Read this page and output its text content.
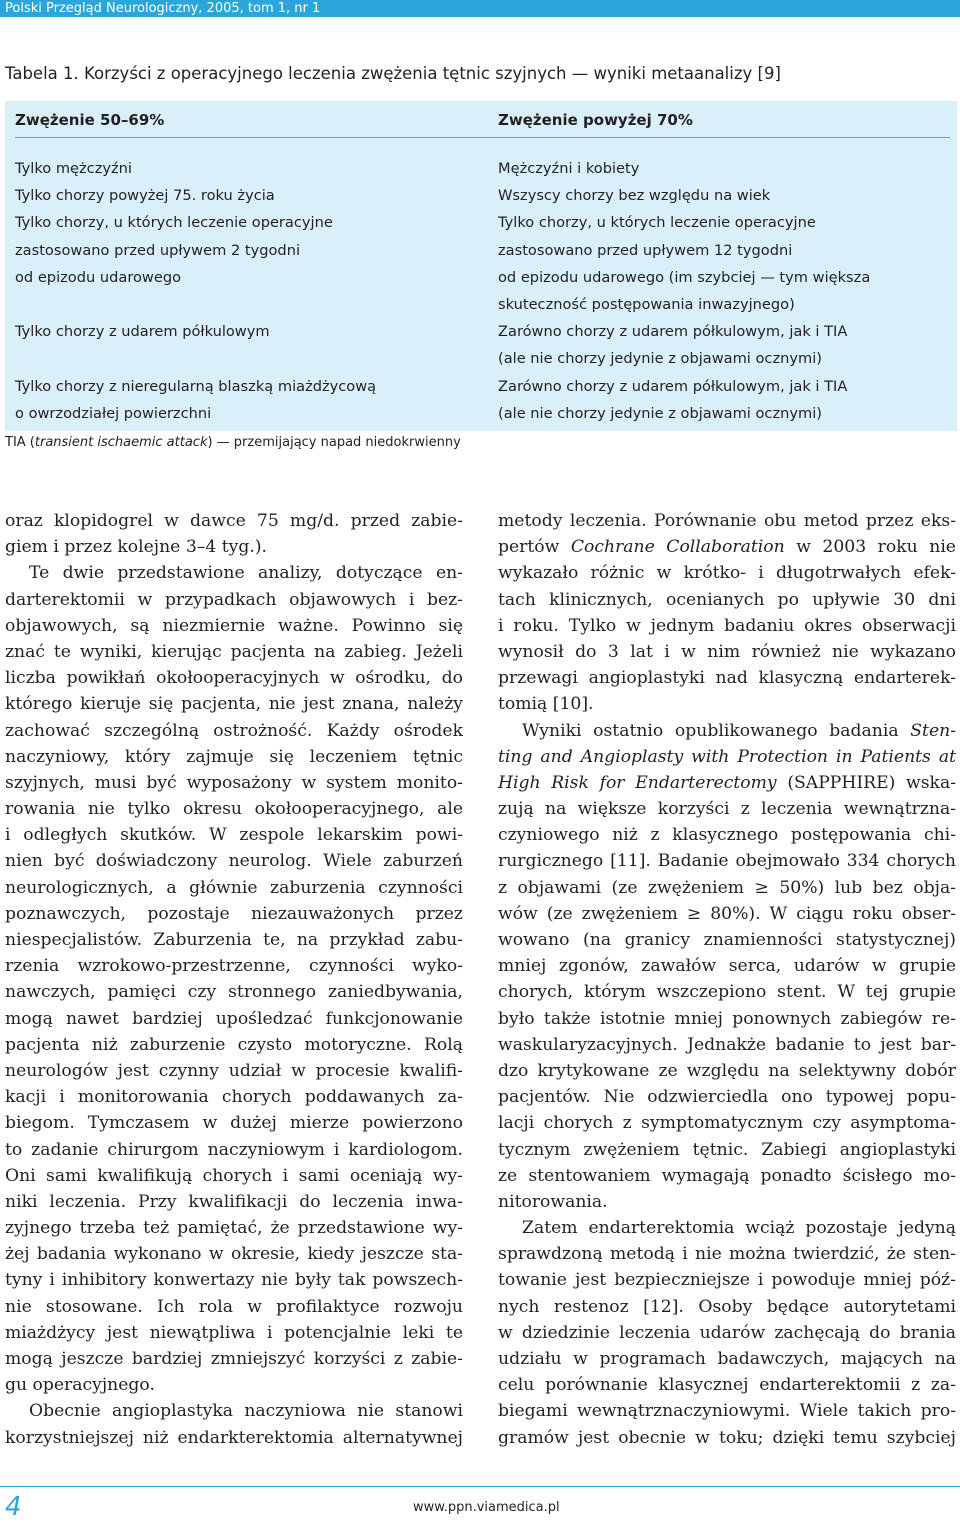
Polski Przegląd Neurologiczny, 2005, tom 1, nr 1
Tabela 1. Korzyści z operacyjnego leczenia zwężenia tętnic szyjnych — wyniki metaanalizy [9]
Zwężenie 50–69%	Zwężenie powyżej 70%
Tylko mężczyźni
Tylko chorzy powyżej 75. roku życia
Tylko chorzy, u których leczenie operacyjne
zastosowano przed upływem 2 tygodni
od epizodu udarowego
Tylko chorzy z udarem półkulowym
Tylko chorzy z nieregularną blaszką miażdżycową
o owrzodziałej powierzchni
Mężczyźni i kobiety
Wszyscy chorzy bez względu na wiek
Tylko chorzy, u których leczenie operacyjne
zastosowano przed upływem 12 tygodni
od epizodu udarowego (im szybciej — tym większa
skuteczność postępowania inwazyjnego)
Zarówno chorzy z udarem półkulowym, jak i TIA
(ale nie chorzy jedynie z objawami ocznymi)
Zarówno chorzy z udarem półkulowym, jak i TIA
(ale nie chorzy jedynie z objawami ocznymi)
TIA (transient ischaemic attack) — przemijający napad niedokrwienny
oraz klopidogrel w dawce 75 mg/d. przed zabie-
giem i przez kolejne 3–4 tyg.).
Te dwie przedstawione analizy, dotyczące en-
darterektomii w przypadkach objawowych i bez-
objawowych, są niezmiernie ważne. Powinno się
znać te wyniki, kierując pacjenta na zabieg. Jeżeli
liczba powikłań okołooperacyjnych w ośrodku, do
którego kieruje się pacjenta, nie jest znana, należy
zachować szczególną ostrożność. Każdy ośrodek
naczyniowy, który zajmuje się leczeniem tętnic
szyjnych, musi być wyposażony w system monito-
rowania nie tylko okresu okołooperacyjnego, ale
i odległych skutków. W zespole lekarskim powi-
nien być doświadczony neurolog. Wiele zaburzeń
neurologicznych, a głównie zaburzenia czynności
poznawczych, pozostaje niezauważonych przez
niespecjalistów. Zaburzenia te, na przykład zabu-
rzenia wzrokowo-przestrzenne, czynności wyko-
nawczych, pamięci czy stronnego zaniedbywania,
mogą nawet bardziej upośledzać funkcjonowanie
pacjenta niż zaburzenie czysto motoryczne. Rolą
neurologów jest czynny udział w procesie kwalifi-
kacji i monitorowania chorych poddawanych za-
biegom. Tymczasem w dużej mierze powierzono
to zadanie chirurgom naczyniowym i kardiologom.
Oni sami kwalifikują chorych i sami oceniają wy-
niki leczenia. Przy kwalifikacji do leczenia inwa-
zyjnego trzeba też pamiętać, że przedstawione wy-
żej badania wykonano w okresie, kiedy jeszcze sta-
tyny i inhibitory konwertazy nie były tak powszech-
nie stosowane. Ich rola w profilaktyce rozwoju
miażdżycy jest niewątpliwa i potencjalnie leki te
mogą jeszcze bardziej zmniejszyć korzyści z zabie-
gu operacyjnego.
Obecnie angioplastyka naczyniowa nie stanowi
korzystniejszej niż endarkterektomia alternatywnej
metody leczenia. Porównanie obu metod przez eks-
pertów Cochrane Collaboration w 2003 roku nie
wykazało różnic w krótko- i długotrwałych efek-
tach klinicznych, ocenianych po upływie 30 dni
i roku. Tylko w jednym badaniu okres obserwacji
wynosił do 3 lat i w nim również nie wykazano
przewagi angioplastyki nad klasyczną endarterek-
tomią [10].
Wyniki ostatnio opublikowanego badania Sten-
ting and Angioplasty with Protection in Patients at
High Risk for Endarterectomy (SAPPHIRE) wska-
zują na większe korzyści z leczenia wewnątrzna-
czyniowego niż z klasycznego postępowania chi-
rurgicznego [11]. Badanie obejmowało 334 chorych
z objawami (ze zwężeniem ≥ 50%) lub bez obja-
wów (ze zwężeniem ≥ 80%). W ciągu roku obser-
wowano (na granicy znamienności statystycznej)
mniej zgonów, zawałów serca, udarów w grupie
chorych, którym wszczepiono stent. W tej grupie
było także istotnie mniej ponownych zabiegów re-
waskularyzacyjnych. Jednakże badanie to jest bar-
dzo krytykowane ze względu na selektywny dobór
pacjentów. Nie odzwierciedla ono typowej popu-
lacji chorych z symptomatycznym czy asymptoma-
tycznym zwężeniem tętnic. Zabiegi angioplastyki
ze stentowaniem wymagają ponadto ścisłego mo-
nitorowania.
Zatem endarterektomia wciąż pozostaje jedyną
sprawdzoną metodą i nie można twierdzić, że sten-
towanie jest bezpieczniejsze i powoduje mniej póź-
nych restenoz [12]. Osoby będące autorytetami
w dziedzinie leczenia udarów zachęcają do brania
udziału w programach badawczych, mających na
celu porównanie klasycznej endarterektomii z za-
biegami wewnątrznaczyniowymi. Wiele takich pro-
gramów jest obecnie w toku; dzięki temu szybciej
4	www.ppn.viamedica.pl
